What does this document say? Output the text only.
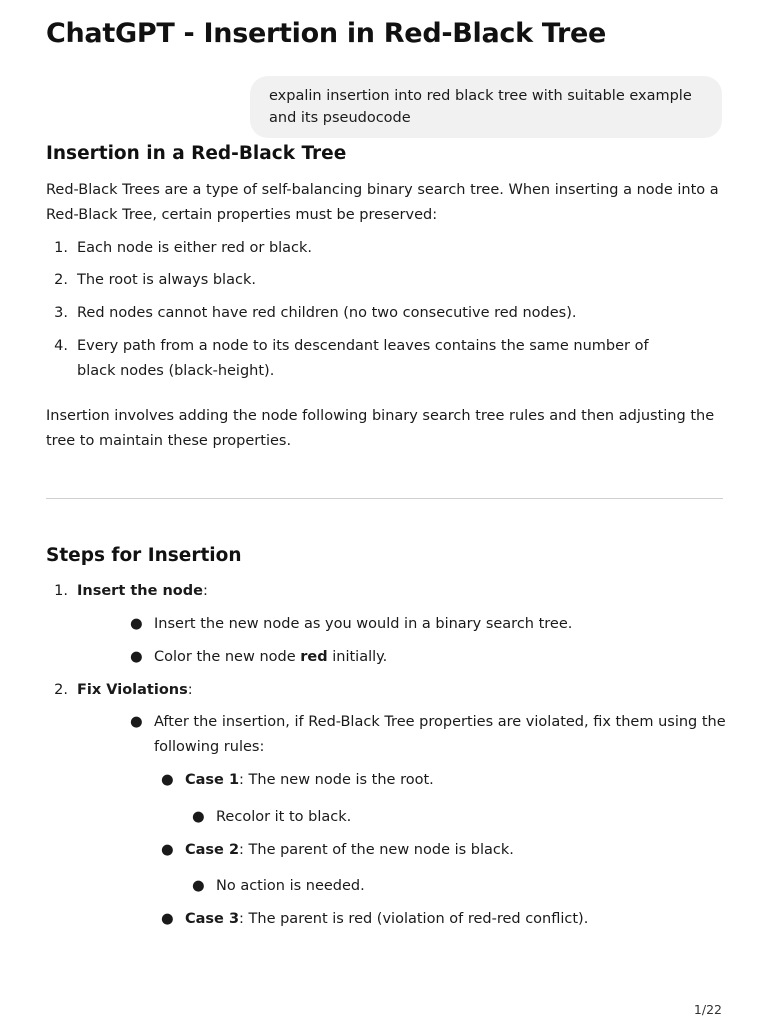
ChatGPT - Insertion in Red-Black Tree
expalin insertion into red black tree with suitable example and its pseudocode
Insertion in a Red-Black Tree

Red-Black Trees are a type of self-balancing binary search tree. When inserting a node into a Red-Black Tree, certain properties must be preserved:

1. Each node is either red or black.
2. The root is always black.
3. Red nodes cannot have red children (no two consecutive red nodes).
4. Every path from a node to its descendant leaves contains the same number of black nodes (black-height).

Insertion involves adding the node following binary search tree rules and then adjusting the tree to maintain these properties.

Steps for Insertion
1. Insert the node:
● Insert the new node as you would in a binary search tree.
● Color the new node red initially.
2. Fix Violations:
● After the insertion, if Red-Black Tree properties are violated, fix them using the following rules:
● Case 1: The new node is the root.
● Recolor it to black.
● Case 2: The parent of the new node is black.
● No action is needed.
● Case 3: The parent is red (violation of red-red conflict).
1/22
